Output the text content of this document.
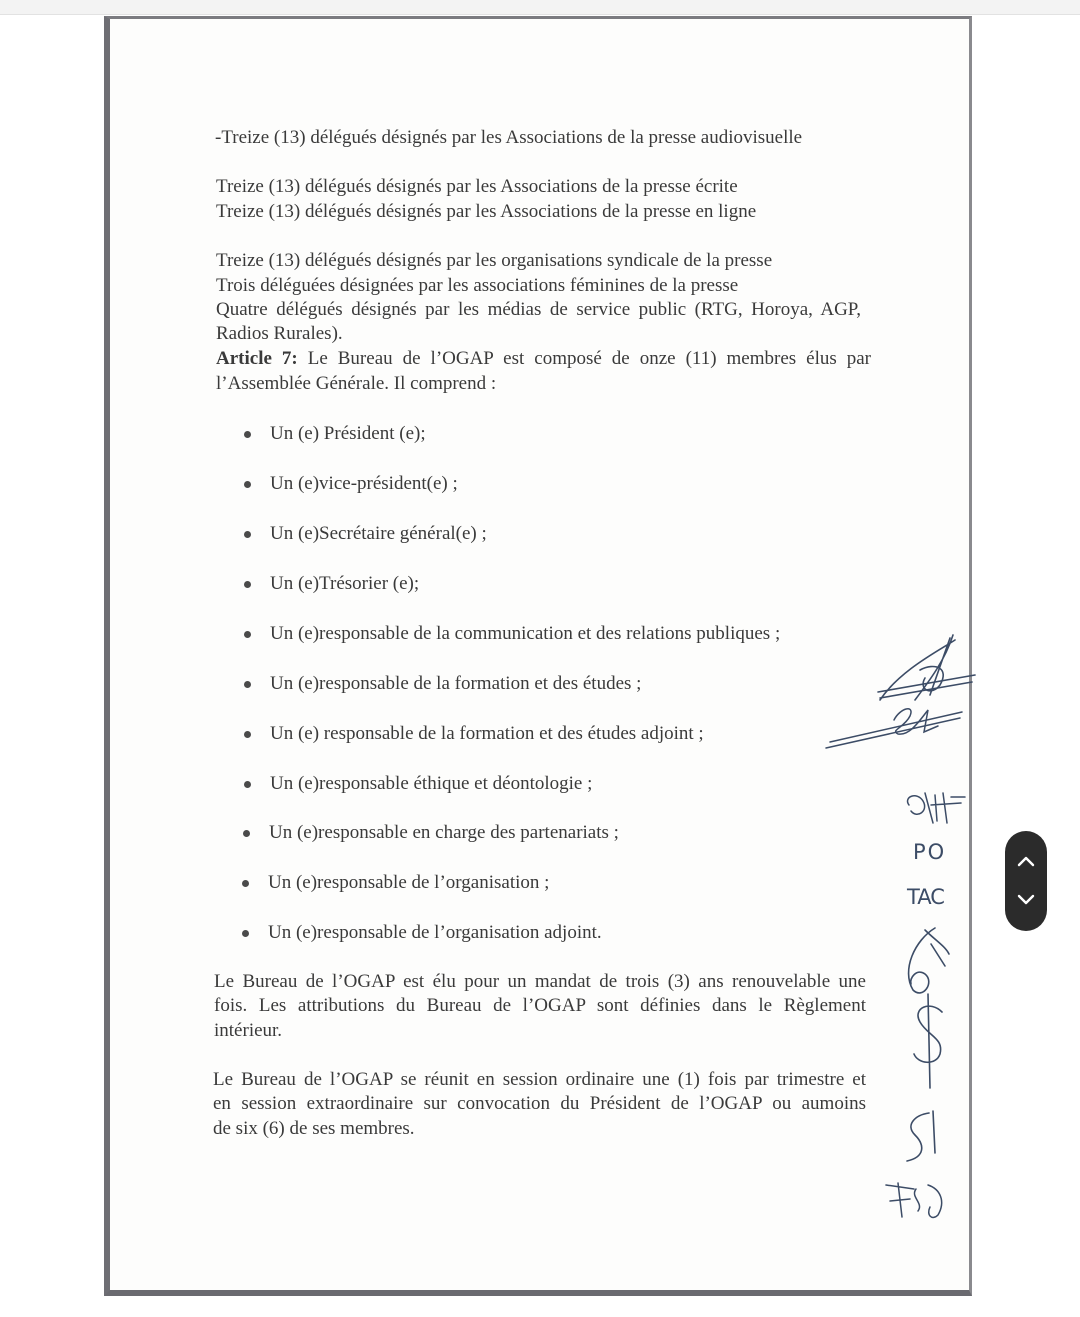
-Treize (13) délégués désignés par les Associations de la presse audiovisuelle
Treize (13) délégués désignés par les Associations de la presse écrite
Treize (13) délégués désignés par les Associations de la presse en ligne
Treize (13) délégués désignés par les organisations syndicale de la presse
Trois déléguées désignées par les associations féminines de la presse
Quatre délégués désignés par les médias de service public (RTG, Horoya, AGP,
Radios Rurales).
Article 7: Le Bureau de l’OGAP est composé de onze (11) membres élus par
l’Assemblée Générale. Il comprend :
Un (e) Président (e);
Un (e)vice-président(e) ;
Un (e)Secrétaire général(e) ;
Un (e)Trésorier (e);
Un (e)responsable de la communication et des relations publiques ;
Un (e)responsable de la formation et des études ;
Un (e) responsable de la formation et des études adjoint ;
Un (e)responsable éthique et déontologie ;
Un (e)responsable en charge des partenariats ;
Un (e)responsable de l’organisation ;
Un (e)responsable de l’organisation adjoint.
Le Bureau de l’OGAP est élu pour un mandat de trois (3) ans renouvelable une
fois. Les attributions du Bureau de l’OGAP sont définies dans le Règlement
intérieur.
Le Bureau de l’OGAP se réunit en session ordinaire une (1) fois par trimestre et
en session extraordinaire sur convocation du Président de l’OGAP ou aumoins
de six (6) de ses membres.
PO
TAC
